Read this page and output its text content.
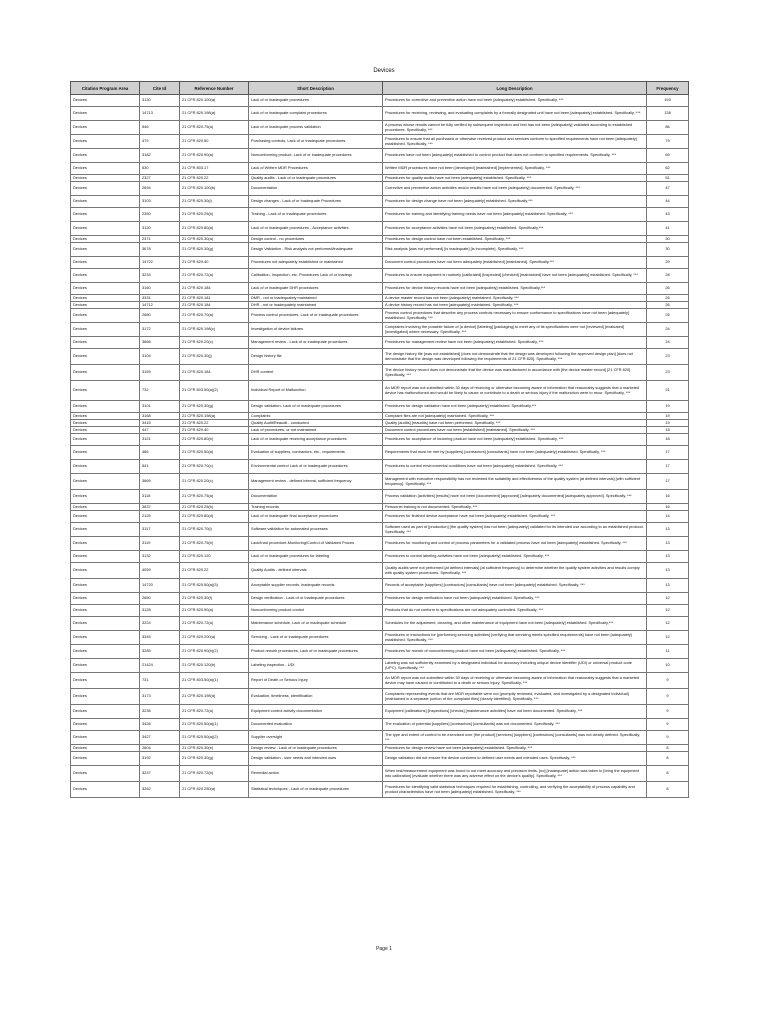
Devices
Citation Program Area	Cite Id	Reference Number	Short Description	Long Description	Frequency
Devices	3130	21 CFR 820.100(a)	Lack of or inadequate procedures	Procedures for corrective and preventive action have not been [adequately] established. Specifically, ***	193
Devices	14713	21 CFR 820.198(a)	Lack of or inadequate complaint procedures	Procedures for receiving, reviewing, and evaluating complaints by a formally designated unit have not been [adequately] established. Specifically, ***	138
Devices	546	21 CFR 820.75(a)	Lack of or inadequate process validation	A process whose results cannot be fully verified by subsequent inspection and test has not been [adequately] validated according to established procedures. Specifically, ***	86
Devices	479	21 CFR 820.50	Purchasing controls, Lack of or inadequate procedures	Procedures to ensure that all purchased or otherwise received product and services conform to specified requirements have not been [adequately] established. Specifically, ***	79
Devices	3182	21 CFR 820.90(a)	Nonconforming product, Lack of or inadequate procedures	Procedures have not been [adequately] established to control product that does not conform to specified requirements. Specifically, ***	69
Devices	630	21 CFR 803.17	Lack of Written MDR Procedures	Written MDR procedures have not been [developed] [maintained] [implemented]. Specifically, ***	62
Devices	2327	21 CFR 820.22	Quality audits - Lack of or inadequate procedures	Procedures for quality audits have not been [adequately] established. Specifically, ***	51
Devices	2694	21 CFR 820.100(b)	Documentation	Corrective and preventive action activities and/or results have not been [adequately] documented. Specifically, ***	47
Devices	3103	21 CFR 820.30(i)	Design changes - Lack of or Inadequate Procedures	Procedures for design change have not been [adequately] established. Specifically,***	44
Devices	2350	21 CFR 820.25(b)	Training - Lack of or inadequate procedures	Procedures for training and identifying training needs have not been [adequately] established. Specifically, ***	43
Devices	3120	21 CFR 820.80(a)	Lack of or inadequate procedures - Acceptance activities	Procedures for acceptance activities have not been [adequately] established. Specifically,***	41
Devices	2371	21 CFR 820.30(a)	Design control - no procedures	Procedures for design control have not been established. Specifically, ***	30
Devices	3678	21 CFR 820.30(g)	Design Validation - Risk analysis not performed/inadequate	Risk analysis [was not performed] [is inadequate] [is incomplete]. Specifically, ***	30
Devices	14722	21 CFR 820.40	Procedures not adequately established or maintained	Document control procedures have not been adequately [established] [maintained]. Specifically,***	29
Devices	3233	21 CFR 820.72(a)	Calibration, Inspection, etc. Procedures Lack of or Inadequ	Procedures to ensure equipment is routinely [calibrated] [inspected] [checked] [maintained] have not been [adequately] established. Specifically, ***	28
Devices	3160	21 CFR 820.184	Lack of or inadequate DHR procedures	Procedures for device history records have not been [adequately] established. Specifically,***	26
Devices	3331	21 CFR 820.181	DMR - not or inadequately maintained	A device master record has not been [adequately] maintained. Specifically, ***	26
Devices	14712	21 CFR 820.184	DHR - not or inadequately maintained	A device history record has not been [adequately] maintained. Specifically, ***	26
Devices	2680	21 CFR 820.70(a)	Process control procedures, Lack of or inadequate procedures	Process control procedures that describe any process controls necessary to ensure conformance to specifications have not been [adequately] established. Specifically, ***	25
Devices	3172	21 CFR 820.198(c)	Investigation of device failures	Complaints involving the possible failure of [a device] [labeling] [packaging] to meet any of its specifications were not [reviewed] [evaluated] [investigated] where necessary. Specifically, ***	24
Devices	3666	21 CFR 820.20(c)	Management review - Lack of or inadequate procedures	Procedures for management review have not been [adequately] established. Specifically, ***	24
Devices	3104	21 CFR 820.30(j)	Design history file	The design history file [was not established] [does not demonstrate that the design was developed following the approved design plan] [does not demonstrate that the design was developed following the requirements of 21 CFR 820]. Specifically, ***	23
Devices	3159	21 CFR 820.184	DHR content	The device history record does not demonstrate that the device was manufactured in accordance with [the device master record] [21 CFR 820]. Specifically, ***	23
Devices	732	21 CFR 803.50(a)(2)	Individual Report of Malfunction	An MDR report was not submitted within 30 days of receiving or otherwise becoming aware of information that reasonably suggests that a marketed device has malfunctioned and would be likely to cause or contribute to a death or serious injury if the malfunction were to recur. Specifically, ***	21
Devices	3101	21 CFR 820.30(g)	Design validation- Lack of or inadequate procedures	Procedures for design validation have not been [adequately] established. Specifically,***	19
Devices	3168	21 CFR 820.198(a)	Complaints	Complaint files are not [adequately] maintained. Specifically, ***	19
Devices	3415	21 CFR 820.22	Quality Audit/Reaudit - conducted	Quality [audits] [reaudits] have not been performed. Specifically, ***	19
Devices	447	21 CFR 820.40	Lack of procedures, or not maintained	Document control procedures have not been [established] [maintained]. Specifically, ***	18
Devices	3121	21 CFR 820.80(b)	Lack of or inadequate receiving acceptance procedures	Procedures for acceptance of incoming product have not been [adequately] established. Specifically, ***	18
Devices	486	21 CFR 820.50(a)	Evaluation of suppliers, contractors, etc., requirements	Requirements that must be met by [suppliers] [contractors] [consultants] have not been [adequately] established. Specifically, ***	17
Devices	541	21 CFR 820.70(c)	Environmental control Lack of or inadequate procedures	Procedures to control environmental conditions have not been [adequately] established. Specifically, ***	17
Devices	3669	21 CFR 820.20(c)	Management review - defined interval, sufficient frequency	Management with executive responsibility has not reviewed the suitability and effectiveness of the quality system [at defined intervals] [with sufficient frequency]. Specifically, ***	17
Devices	3118	21 CFR 820.75(a)	Documentation	Process validation [activities] [results] have not been [documented] [approved] [adequately documented] [adequately approved]. Specifically, ***	16
Devices	3837	21 CFR 820.25(b)	Training records	Personnel training is not documented. Specifically, ***	16
Devices	2125	21 CFR 820.80(d)	Lack of or inadequate final acceptance procedures	Procedures for finished device acceptance have not been [adequately] established. Specifically, ***	14
Devices	3117	21 CFR 820.70(i)	Software validation for automated processes	Software used as part of [production] [the quality system] has not been [adequately] validated for its intended use according to an established protocol. Specifically, ***	13
Devices	3119	21 CFR 820.75(b)	Lack/Inad procedure-Monitoring/Control of Validated Proces	Procedures for monitoring and control of process parameters for a validated process have not been [adequately] established. Specifically, ***	13
Devices	3132	21 CFR 820.120	Lack of or inadequate procedures for labeling	Procedures to control labeling activities have not been [adequately] established. Specifically, ***	13
Devices	4059	21 CFR 820.22	Quality Audits - defined intervals	Quality audits were not performed [at defined intervals] [at sufficient frequency] to determine whether the quality system activities and results comply with quality system procedures. Specifically, ***	13
Devices	14720	21 CFR 820.50(a)(3)	Acceptable supplier records, inadequate records	Records of acceptable [suppliers] [contractors] [consultants] have not been [adequately] established. Specifically, ***	13
Devices	2650	21 CFR 820.30(f)	Design verification - Lack of or Inadequate procedures	Procedures for design verification have not been [adequately] established. Specifically, ***	12
Devices	3128	21 CFR 820.90(a)	Nonconforming product control	Products that do not conform to specifications are not adequately controlled. Specifically, ***	12
Devices	3224	21 CFR 820.72(a)	Maintenance schedule, Lack of or inadequate schedule	Schedules for the adjustment, cleaning, and other maintenance of equipment have not been [adequately] established. Specifically,***	12
Devices	3345	21 CFR 820.200(a)	Servicing - Lack of or inadequate procedures	Procedures or instructions for [performing servicing activities] [verifying that servicing meets specified requirements] have not been [adequately] established. Specifically, ***	12
Devices	3285	21 CFR 820.90(b)(2)	Product rework procedures, Lack of or inadequate procedures	Procedures for rework of nonconforming product have not been [adequately] established. Specifically, ***	11
Devices	21424	21 CFR 820.120(b)	Labeling inspection - UDI	Labeling was not sufficiently examined by a designated individual for accuracy including unique device identifier (UDI) or universal product code (UPC). Specifically, ***	10
Devices	731	21 CFR 803.50(a)(1)	Report of Death or Serious Injury	An MDR report was not submitted within 30 days of receiving or otherwise becoming aware of information that reasonably suggests that a marketed device may have caused or contributed to a death or serious injury. Specifically, ***	9
Devices	3173	21 CFR 820.198(d)	Evaluation, timeliness, identification	Complaints representing events that are MDR reportable were not [promptly reviewed, evaluated, and investigated by a designated individual] [maintained in a separate portion of the complaint files] [clearly identified]. Specifically, ***	9
Devices	3235	21 CFR 820.72(a)	Equipment control activity documentation	Equipment [calibrations] [inspections] [checks] [maintenance activities] have not been documented. Specifically, ***	9
Devices	3426	21 CFR 820.50(a)(1)	Documented evaluation	The evaluation of potential [suppliers] [contractors] [consultants] was not documented. Specifically, ***	9
Devices	3427	21 CFR 820.50(a)(2)	Supplier oversight	The type and extent of control to be exercised over [the product] [services] [suppliers] [contractors] [consultants] was not clearly defined. Specifically, ***	9
Devices	2604	21 CFR 820.30(e)	Design review - Lack of or inadequate procedures	Procedures for design review have not been [adequately] established. Specifically, ***	8
Devices	3192	21 CFR 820.30(g)	Design validation - user needs and intended uses	Design validation did not ensure the device conforms to defined user needs and intended uses. Specifically, ***	8
Devices	3237	21 CFR 820.72(b)	Remedial action	When test/measurement equipment was found to not meet accuracy and precision limits, [no] [inadequate] action was taken to [bring the equipment into calibration] [evaluate whether there was any adverse effect on the device's quality]. Specifically, ***	8
Devices	3262	21 CFR 820.250(a)	Statistical techniques - Lack of or inadequate procedures	Procedures for identifying valid statistical techniques required for establishing, controlling, and verifying the acceptability of process capability and product characteristics have not been [adequately] established. Specifically, ***	8
Page 1
